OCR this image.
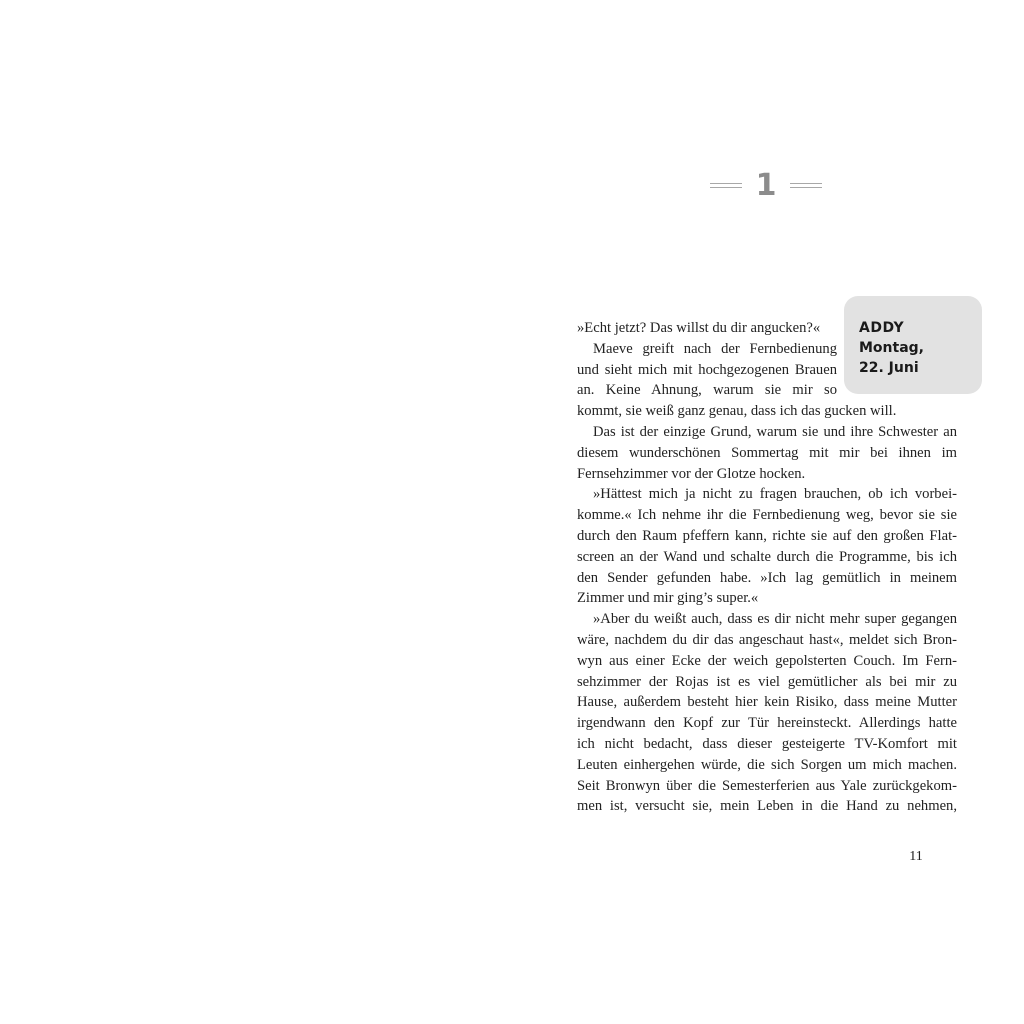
1
ADDY
Montag,
22. Juni
»Echt jetzt? Das willst du dir angucken?«
Maeve greift nach der Fernbedienung
und sieht mich mit hochgezogenen Brauen
an. Keine Ahnung, warum sie mir so
kommt, sie weiß ganz genau, dass ich das gucken will.
Das ist der einzige Grund, warum sie und ihre Schwester an
diesem wunderschönen Sommertag mit mir bei ihnen im
Fernsehzimmer vor der Glotze hocken.
»Hättest mich ja nicht zu fragen brauchen, ob ich vorbei-
komme.« Ich nehme ihr die Fernbedienung weg, bevor sie sie
durch den Raum pfeffern kann, richte sie auf den großen Flat-
screen an der Wand und schalte durch die Programme, bis ich
den Sender gefunden habe. »Ich lag gemütlich in meinem
Zimmer und mir ging’s super.«
»Aber du weißt auch, dass es dir nicht mehr super gegangen
wäre, nachdem du dir das angeschaut hast«, meldet sich Bron-
wyn aus einer Ecke der weich gepolsterten Couch. Im Fern-
sehzimmer der Rojas ist es viel gemütlicher als bei mir zu
Hause, außerdem besteht hier kein Risiko, dass meine Mutter
irgendwann den Kopf zur Tür hereinsteckt. Allerdings hatte
ich nicht bedacht, dass dieser gesteigerte TV-Komfort mit
Leuten einhergehen würde, die sich Sorgen um mich machen.
Seit Bronwyn über die Semesterferien aus Yale zurückgekom-
men ist, versucht sie, mein Leben in die Hand zu nehmen,
11
